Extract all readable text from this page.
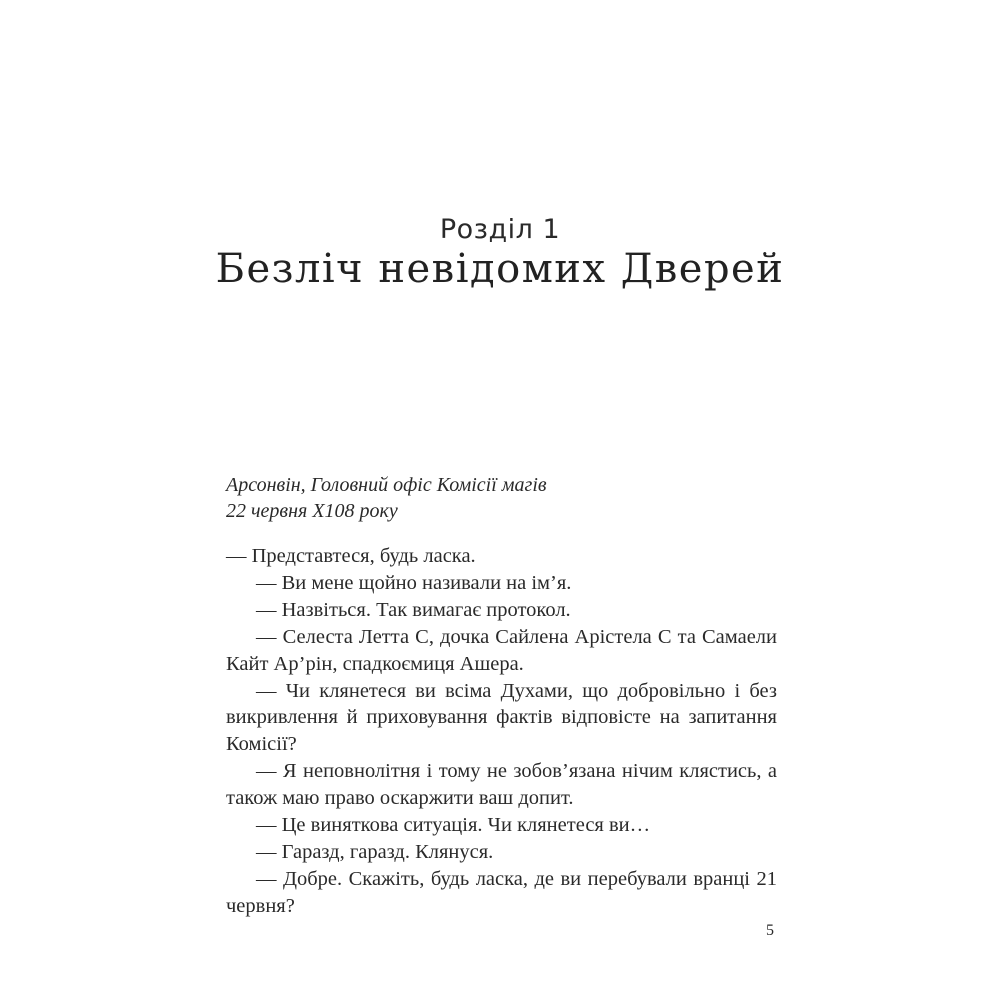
Розділ 1
Безліч невідомих Дверей
Арсонвін, Головний офіс Комісії магів
22 червня Х108 року

— Представтеся, будь ласка.

— Ви мене щойно називали на ім’я.

— Назвіться. Так вимагає протокол.

— Селеста Летта С, дочка Сайлена Арістела С та Самаели Кайт Ар’рін, спадкоємиця Ашера.

— Чи клянетеся ви всіма Духами, що добровільно і без викривлення й приховування фактів відповісте на запитання Комісії?

— Я неповнолітня і тому не зобов’язана нічим клястись, а також маю право оскаржити ваш допит.

— Це виняткова ситуація. Чи клянетеся ви…

— Гаразд, гаразд. Клянуся.

— Добре. Скажіть, будь ласка, де ви перебували вранці 21 червня?

5
